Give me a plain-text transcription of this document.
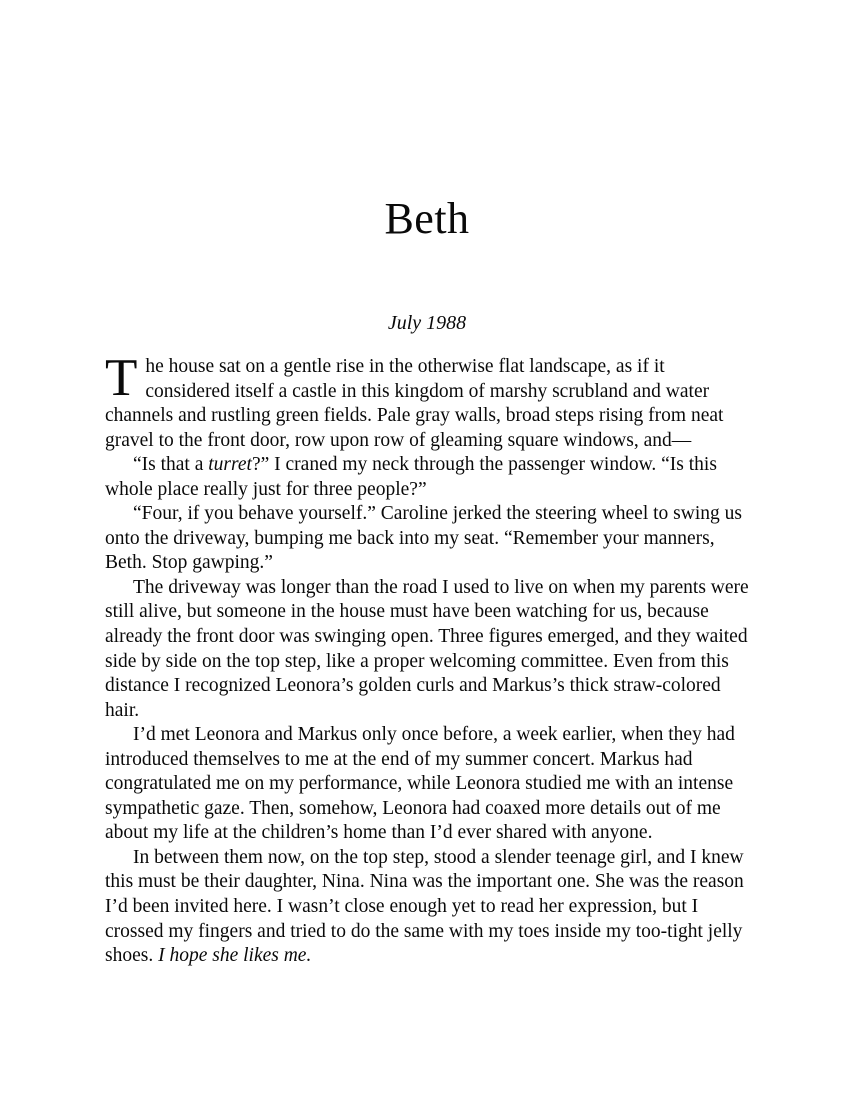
Beth

July 1988

The house sat on a gentle rise in the otherwise flat landscape, as if it considered itself a castle in this kingdom of marshy scrubland and water channels and rustling green fields. Pale gray walls, broad steps rising from neat gravel to the front door, row upon row of gleaming square windows, and—

“Is that a turret?” I craned my neck through the passenger window. “Is this whole place really just for three people?”

“Four, if you behave yourself.” Caroline jerked the steering wheel to swing us onto the driveway, bumping me back into my seat. “Remember your manners, Beth. Stop gawping.”

The driveway was longer than the road I used to live on when my parents were still alive, but someone in the house must have been watching for us, because already the front door was swinging open. Three figures emerged, and they waited side by side on the top step, like a proper welcoming committee. Even from this distance I recognized Leonora’s golden curls and Markus’s thick straw-colored hair.

I’d met Leonora and Markus only once before, a week earlier, when they had introduced themselves to me at the end of my summer concert. Markus had congratulated me on my performance, while Leonora studied me with an intense sympathetic gaze. Then, somehow, Leonora had coaxed more details out of me about my life at the children’s home than I’d ever shared with anyone.

In between them now, on the top step, stood a slender teenage girl, and I knew this must be their daughter, Nina. Nina was the important one. She was the reason I’d been invited here. I wasn’t close enough yet to read her expression, but I crossed my fingers and tried to do the same with my toes inside my too-tight jelly shoes. I hope she likes me.
